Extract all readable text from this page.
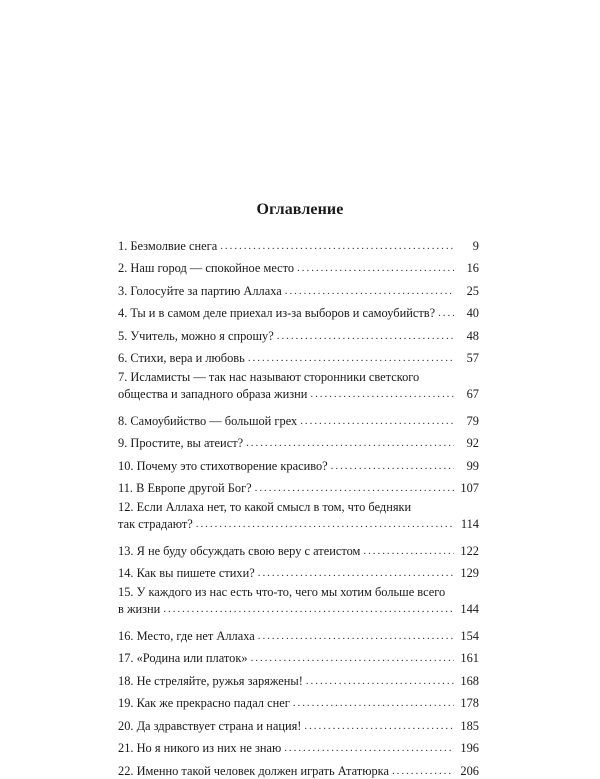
Оглавление
1. Безмолвие снега . . .	9
2. Наш город — спокойное место . . .	16
3. Голосуйте за партию Аллаха . . .	25
4. Ты и в самом деле приехал из-за выборов и самоубийств? . . .	40
5. Учитель, можно я спрошу? . . .	48
6. Стихи, вера и любовь . . .	57
7. Исламисты — так нас называют сторонники светского
общества и западного образа жизни . . .	67
8. Самоубийство — большой грех . . .	79
9. Простите, вы атеист? . . .	92
10. Почему это стихотворение красиво? . . .	99
11. В Европе другой Бог? . . .	107
12. Если Аллаха нет, то какой смысл в том, что бедняки
так страдают? . . .	114
13. Я не буду обсуждать свою веру с атеистом . . .	122
14. Как вы пишете стихи? . . .	129
15. У каждого из нас есть что-то, чего мы хотим больше всего
в жизни . . .	144
16. Место, где нет Аллаха . . .	154
17. «Родина или платок» . . .	161
18. Не стреляйте, ружья заряжены! . . .	168
19. Как же прекрасно падал снег . . .	178
20. Да здравствует страна и нация! . . .	185
21. Но я никого из них не знаю . . .	196
22. Именно такой человек должен играть Ататюрка . . .	206
